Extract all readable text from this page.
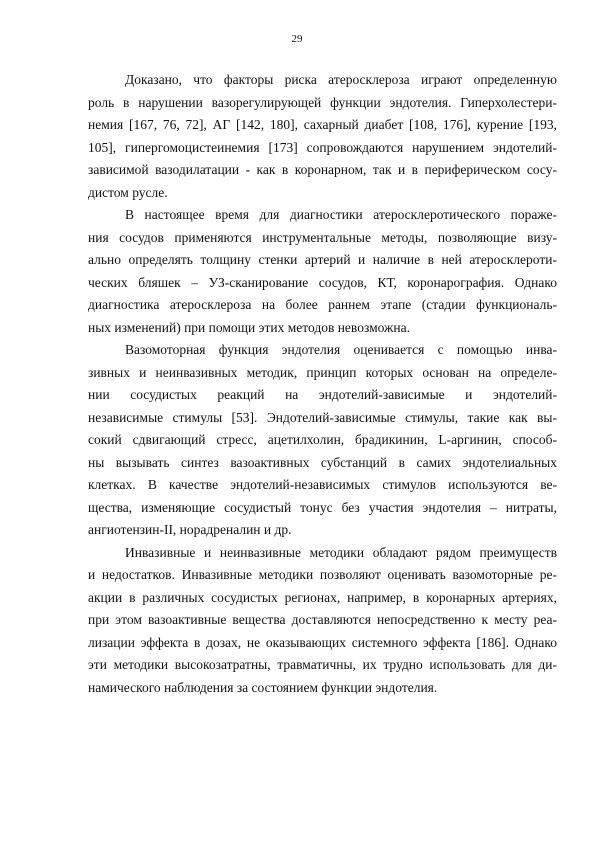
29

Доказано, что факторы риска атеросклероза играют определенную
роль в нарушении вазорегулирующей функции эндотелия. Гиперхолестери-
немия [167, 76, 72], АГ [142, 180], сахарный диабет [108, 176], курение [193,
105], гипергомоцистеинемия [173] сопровождаются нарушением эндотелий-
зависимой вазодилатации - как в коронарном, так и в периферическом сосу-
дистом русле.

В настоящее время для диагностики атеросклеротического пораже-
ния сосудов применяются инструментальные методы, позволяющие визу-
ально определять толщину стенки артерий и наличие в ней атеросклероти-
ческих бляшек – УЗ-сканирование сосудов, КТ, коронарография. Однако
диагностика атеросклероза на более раннем этапе (стадии функциональ-
ных изменений) при помощи этих методов невозможна.

Вазомоторная функция эндотелия оценивается с помощью инва-
зивных и неинвазивных методик, принцип которых основан на определе-
нии сосудистых реакций на эндотелий-зависимые и эндотелий-
независимые стимулы [53]. Эндотелий-зависимые стимулы, такие как вы-
сокий сдвигающий стресс, ацетилхолин, брадикинин, L-аргинин, способ-
ны вызывать синтез вазоактивных субстанций в самих эндотелиальных
клетках. В качестве эндотелий-независимых стимулов используются ве-
щества, изменяющие сосудистый тонус без участия эндотелия – нитраты,
ангиотензин-II, норадреналин и др.

Инвазивные и неинвазивные методики обладают рядом преимуществ
и недостатков. Инвазивные методики позволяют оценивать вазомоторные ре-
акции в различных сосудистых регионах, например, в коронарных артериях,
при этом вазоактивные вещества доставляются непосредственно к месту реа-
лизации эффекта в дозах, не оказывающих системного эффекта [186]. Однако
эти методики высокозатратны, травматичны, их трудно использовать для ди-
намического наблюдения за состоянием функции эндотелия.
